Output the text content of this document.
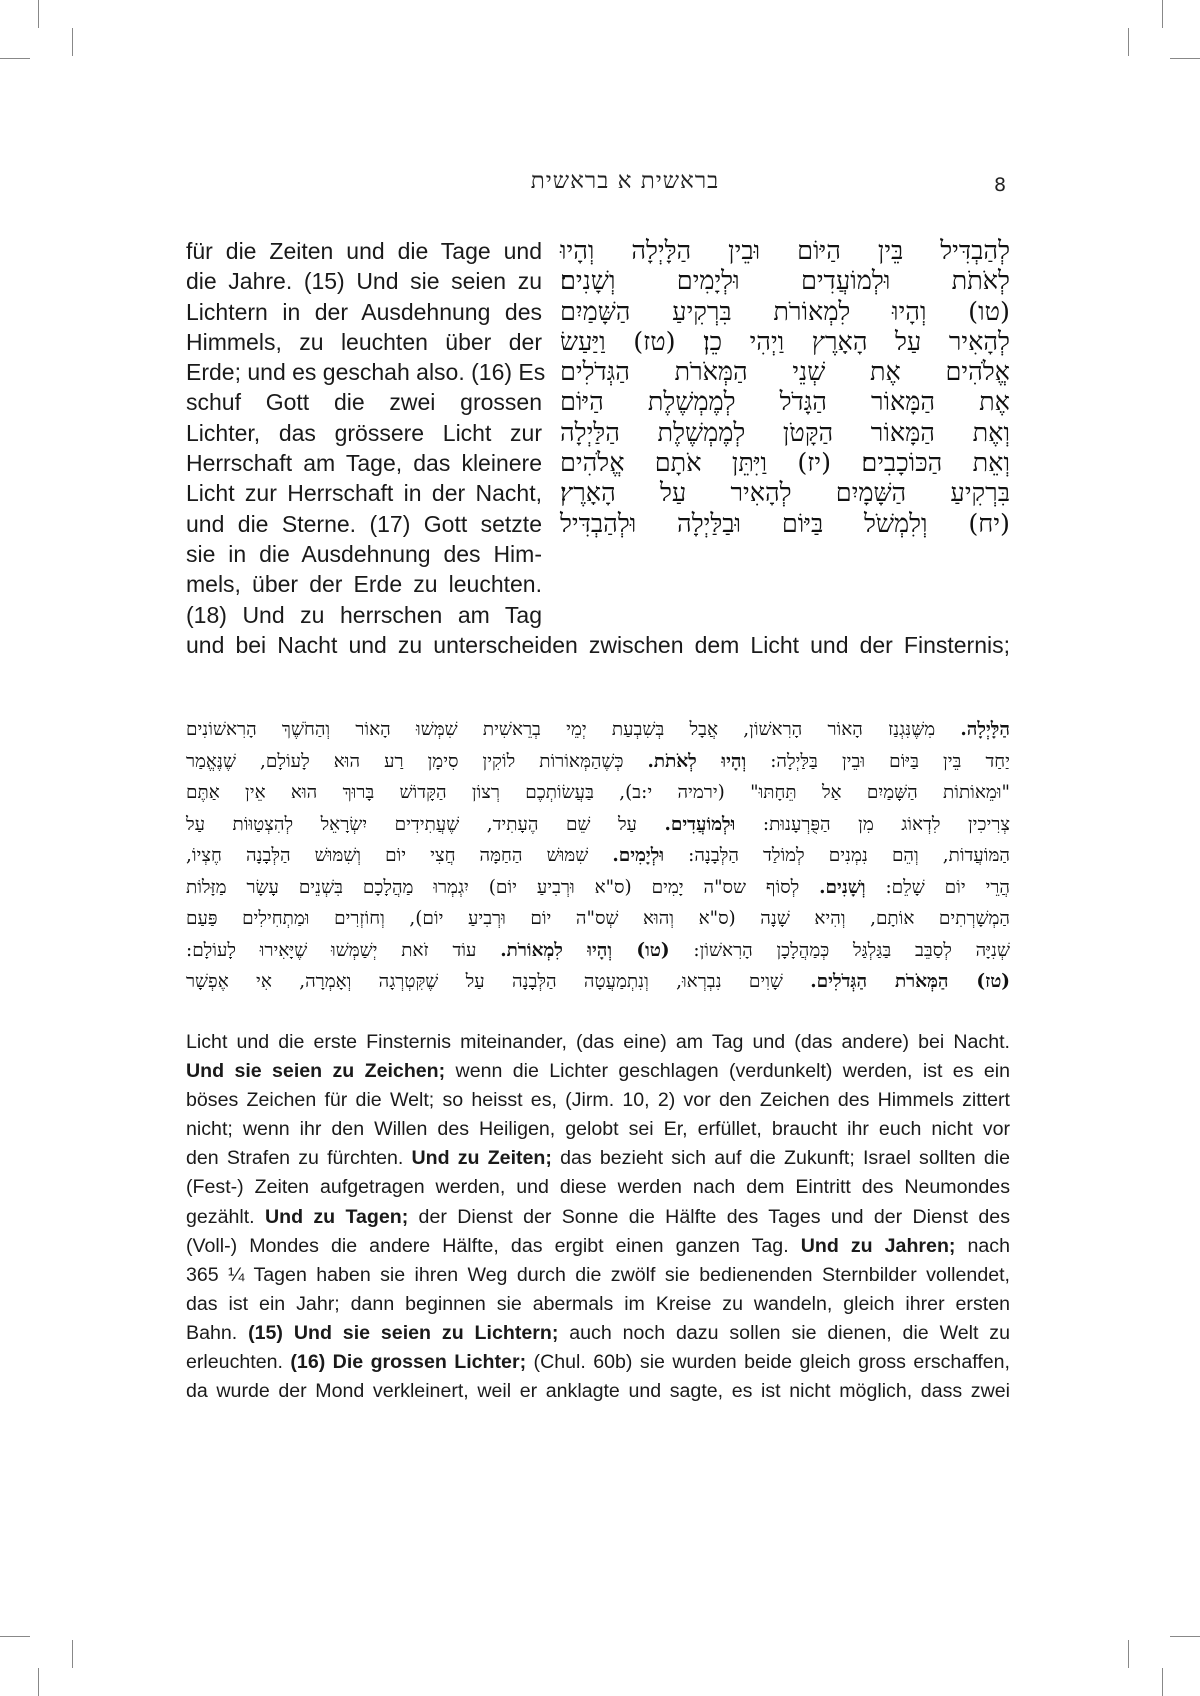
בראשית א בראשית	8
לְהַבְדִּיל בֵּין הַיּוֹם וּבֵין הַלָּיְלָה וְהָיוּ
לְאֹתֹת וּלְמוֹעֲדִים וּלְיָמִים וְשָׁנִים׃
(טו) וְהָיוּ לִמְאוֹרֹת בִּרְקִיעַ הַשָּׁמַיִם
לְהָאִיר עַל הָאָרֶץ וַיְהִי כֵן׃ (טז) וַיַּעַשׂ
אֱלֹהִים אֶת שְׁנֵי הַמְּאֹרֹת הַגְּדֹלִים
אֶת הַמָּאוֹר הַגָּדֹל לְמֶמְשֶׁלֶת הַיּוֹם
וְאֶת הַמָּאוֹר הַקָּטֹן לְמֶמְשֶׁלֶת הַלַּיְלָה
וְאֵת הַכּוֹכָבִים׃ (יז) וַיִּתֵּן אֹתָם אֱלֹהִים
בִּרְקִיעַ הַשָּׁמָיִם לְהָאִיר עַל הָאָרֶץ׃
(יח) וְלִמְשֹׁל בַּיּוֹם וּבַלַּיְלָה וּלְהַבְדִּיל
für die Zeiten und die Tage und
die Jahre. (15) Und sie seien zu
Lichtern in der Ausdehnung des
Himmels, zu leuchten über der
Erde; und es geschah also. (16) Es
schuf Gott die zwei grossen
Lichter, das grössere Licht zur
Herrschaft am Tage, das kleinere
Licht zur Herrschaft in der Nacht,
und die Sterne. (17) Gott setzte
sie in die Ausdehnung des Him-
mels, über der Erde zu leuchten.
(18) Und zu herrschen am Tag
und bei Nacht und zu unterscheiden zwischen dem Licht und der Finsternis;
הַלָּיְלָה. מִשֶּׁנִּגְנַז הָאוֹר הָרִאשׁוֹן, אֲבָל בְּשִׁבְעַת יְמֵי בְרֵאשִׁית שִׁמְּשׁוּ הָאוֹר וְהַחֹשֶׁךְ הָרִאשׁוֹנִים
יַחַד בֵּין בַּיּוֹם וּבֵין בַּלַּיְלָה: וְהָיוּ לְאֹתֹת. כְּשֶׁהַמְּאוֹרוֹת לוֹקִין סִימָן רַע הוּא לָעוֹלָם, שֶׁנֶּאֱמַר
"וּמֵאוֹתוֹת הַשָּׁמַיִם אַל תֵּחָתּוּ" (ירמיה י:ב), בַּעֲשׂוֹתְכֶם רְצוֹן הַקָּדוֹשׁ בָּרוּךְ הוּא אֵין אַתֶּם
צְרִיכִין לִדְאוֹג מִן הַפֻּרְעָנוּת: וּלְמוֹעֲדִים. עַל שֵׁם הֶעָתִיד, שֶׁעֲתִידִים יִשְׂרָאֵל לְהִצְטַוּוֹת עַל
הַמּוֹעֲדוֹת, וְהֵם נִמְנִים לְמוֹלַד הַלְּבָנָה: וּלְיָמִים. שִׁמּוּשׁ הַחַמָּה חֲצִי יוֹם וְשִׁמּוּשׁ הַלְּבָנָה חֶצְיוֹ,
הֲרֵי יוֹם שָׁלֵם: וְשָׁנִים. לְסוֹף שס"ה יָמִים (ס"א וּרְבִיעַ יוֹם) יִגְמְרוּ מַהֲלָכָם בִּשְׁנֵים עָשָׂר מַזָּלוֹת
הַמְשָׁרְתִים אוֹתָם, וְהִיא שָׁנָה (ס"א וְהוּא שְׁס"ה יוֹם וּרְבִיעַ יוֹם), וְחוֹזְרִים וּמַתְחִילִים פַּעַם
שְׁנִיָּה לְסַבֵּב בַּגַּלְגַּל כְּמַהֲלָכָן הָרִאשׁוֹן: (טו) וְהָיוּ לִמְאוֹרֹת. עוֹד זֹאת יְשַׁמְּשׁוּ שֶׁיָּאִירוּ לָעוֹלָם:
(טז) הַמְּאֹרֹת הַגְּדֹלִים. שָׁוִים נִבְרְאוּ, וְנִתְמַעֲטָה הַלְּבָנָה עַל שֶׁקִּטְרְגָה וְאָמְרָה, אִי אֶפְשָׁר
Licht und die erste Finsternis miteinander, (das eine) am Tag und (das andere) bei Nacht.
Und sie seien zu Zeichen; wenn die Lichter geschlagen (verdunkelt) werden, ist es ein
böses Zeichen für die Welt; so heisst es, (Jirm. 10, 2) vor den Zeichen des Himmels zittert
nicht; wenn ihr den Willen des Heiligen, gelobt sei Er, erfüllet, braucht ihr euch nicht vor
den Strafen zu fürchten. Und zu Zeiten; das bezieht sich auf die Zukunft; Israel sollten die
(Fest-) Zeiten aufgetragen werden, und diese werden nach dem Eintritt des Neumondes
gezählt. Und zu Tagen; der Dienst der Sonne die Hälfte des Tages und der Dienst des
(Voll-) Mondes die andere Hälfte, das ergibt einen ganzen Tag. Und zu Jahren; nach
365 ¼ Tagen haben sie ihren Weg durch die zwölf sie bedienenden Sternbilder vollendet,
das ist ein Jahr; dann beginnen sie abermals im Kreise zu wandeln, gleich ihrer ersten
Bahn. (15) Und sie seien zu Lichtern; auch noch dazu sollen sie dienen, die Welt zu
erleuchten. (16) Die grossen Lichter; (Chul. 60b) sie wurden beide gleich gross erschaffen,
da wurde der Mond verkleinert, weil er anklagte und sagte, es ist nicht möglich, dass zwei
